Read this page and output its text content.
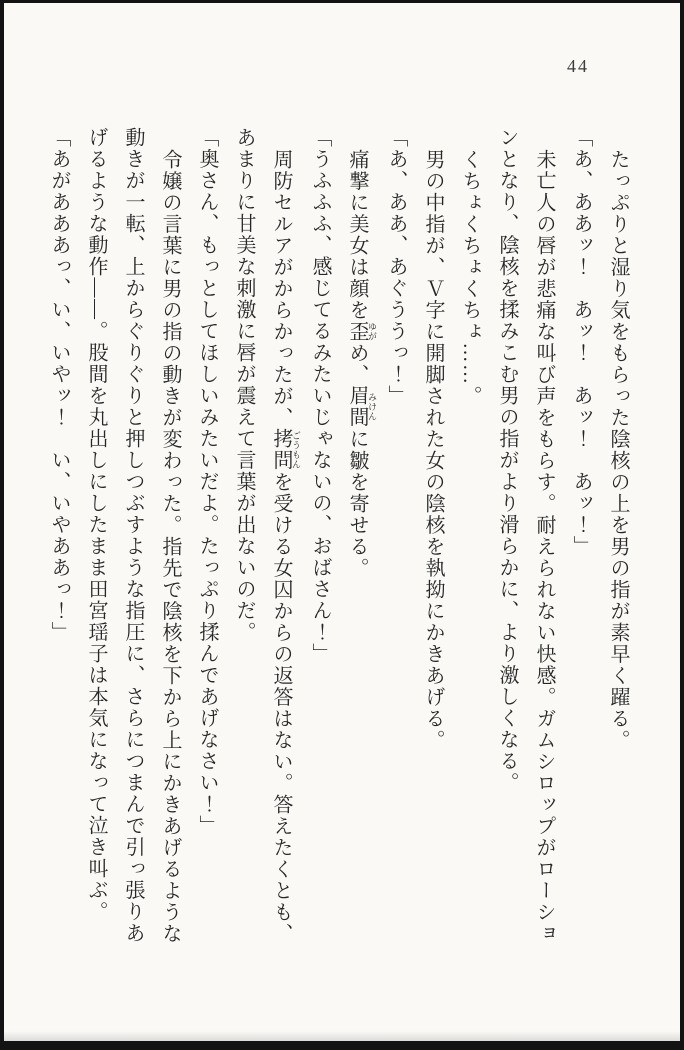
44
たっぷりと湿り気をもらった陰核の上を男の指が素早く躍る。
「あ、ああッ！　あッ！　あッ！　あッ！」
未亡人の唇が悲痛な叫び声をもらす。耐えられない快感。ガムシロップがローショ
ンとなり、陰核を揉みこむ男の指がより滑らかに、より激しくなる。
くちょくちょくちょ……。
男の中指が、Ｖ字に開脚された女の陰核を執拗にかきあげる。
「あ、ああ、あぐううっ！」
痛撃に美女は顔を歪 ゆがめ、眉間 みけんに皺を寄せる。
「うふふふ、感じてるみたいじゃないの、おばさん！」
周防セルアがからかったが、拷問 ごうもんを受ける女囚からの返答はない。答えたくとも、
あまりに甘美な刺激に唇が震えて言葉が出ないのだ。
「奥さん、もっとしてほしいみたいだよ。たっぷり揉んであげなさい！」
令嬢の言葉に男の指の動きが変わった。指先で陰核を下から上にかきあげるような
動きが一転、上からぐりぐりと押しつぶすような指圧に、さらにつまんで引っ張りあ
げるような動作――。股間を丸出しにしたまま田宮瑶子は本気になって泣き叫ぶ。
「あがあああっ、い、いやッ！　い、いやああっ！」
